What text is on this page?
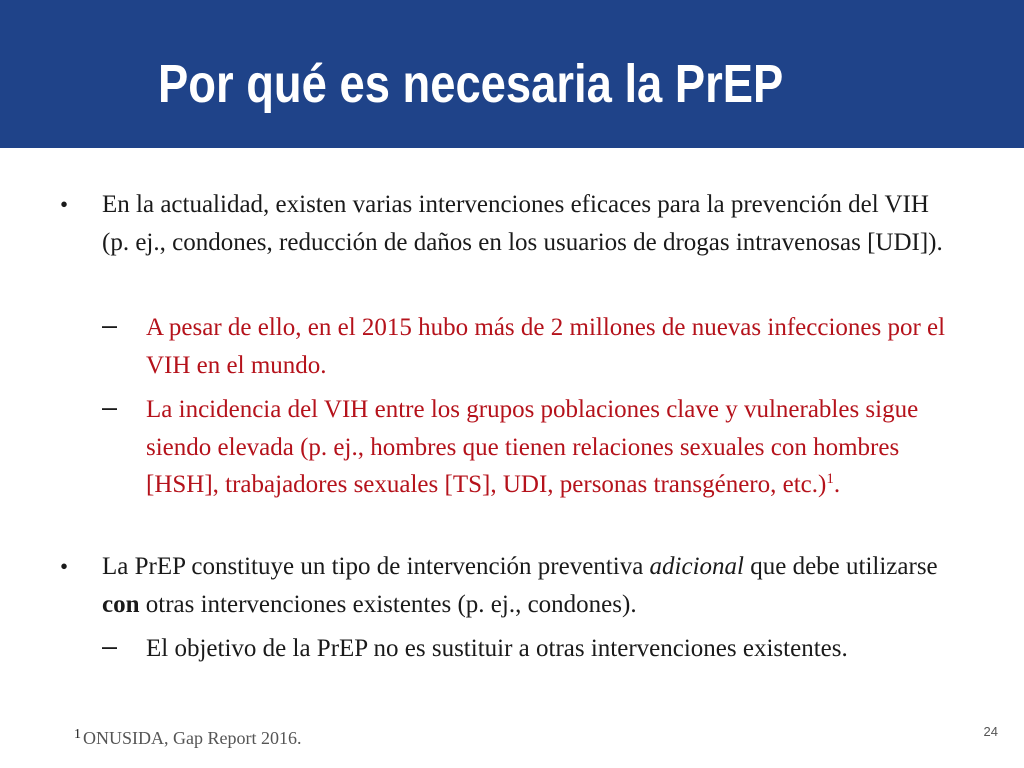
Por qué es necesaria la PrEP
• En la actualidad, existen varias intervenciones eficaces para la prevención del VIH (p. ej., condones, reducción de daños en los usuarios de drogas intravenosas [UDI]).
– A pesar de ello, en el 2015 hubo más de 2 millones de nuevas infecciones por el VIH en el mundo.
– La incidencia del VIH entre los grupos poblaciones clave y vulnerables sigue siendo elevada (p. ej., hombres que tienen relaciones sexuales con hombres [HSH], trabajadores sexuales [TS], UDI, personas transgénero, etc.)$^1$.
• La PrEP constituye un tipo de intervención preventiva adicional que debe utilizarse con otras intervenciones existentes (p. ej., condones).
– El objetivo de la PrEP no es sustituir a otras intervenciones existentes.
$^1$ ONUSIDA, Gap Report 2016.	24
